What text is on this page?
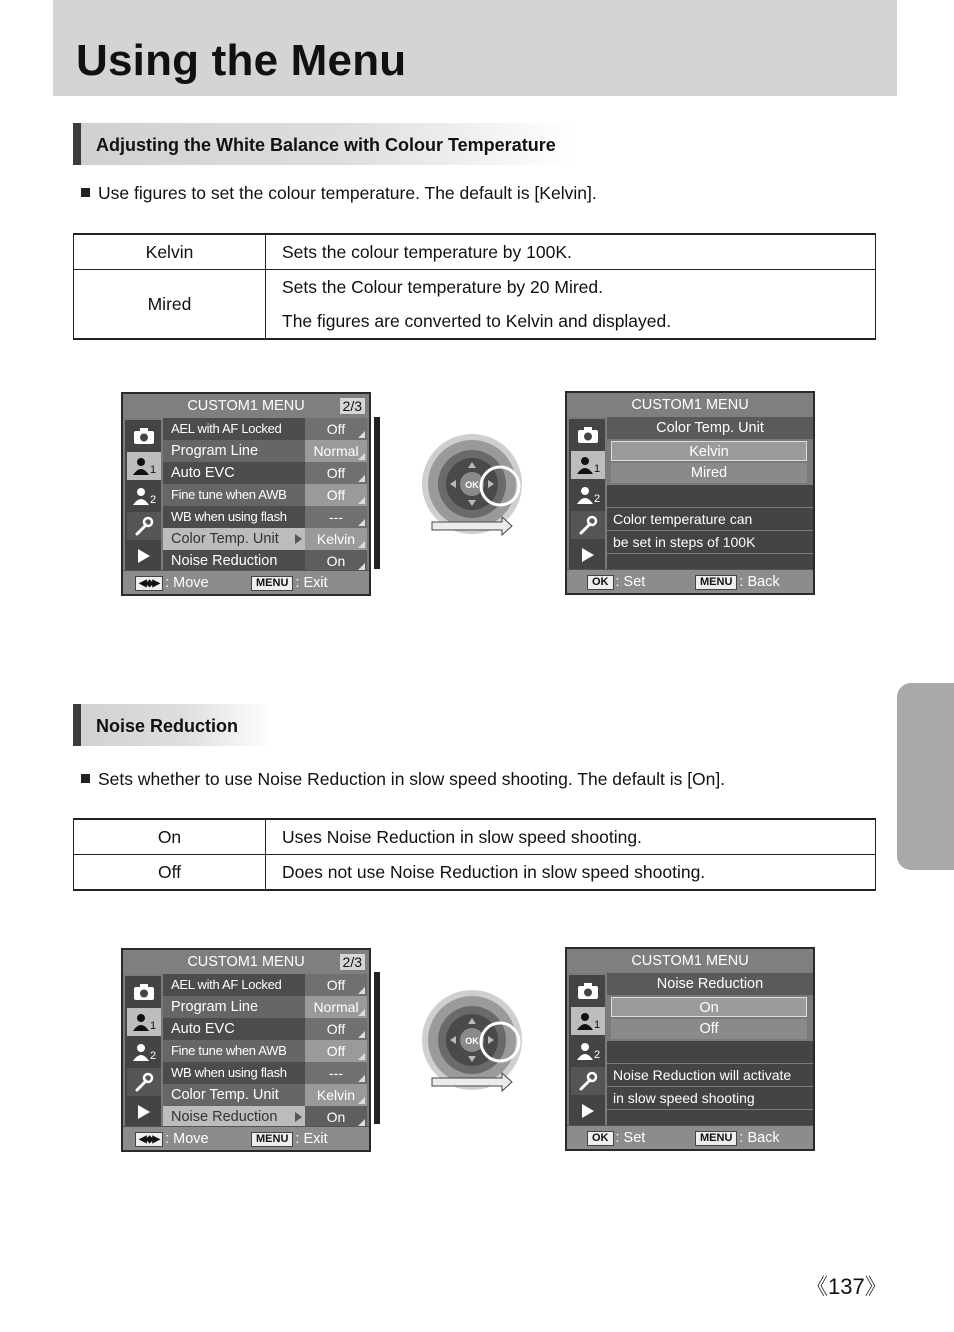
Using the Menu
Adjusting the White Balance with Colour Temperature
Use figures to set the colour temperature. The default is [Kelvin].
Kelvin	Sets the colour temperature by 100K.

Mired	Sets the Colour temperature by 20 Mired.
The figures are converted to Kelvin and displayed.
CUSTOM1 MENU	2/3
1
2
AEL with AF Locked	Off
Program Line	Normal
Auto EVC	Off
Fine tune when AWB	Off
WB when using flash	---
Color Temp. Unit	Kelvin
Noise Reduction	On
◀◆▶ : Move	MENU : Exit
OK
CUSTOM1 MENU
1
2
Color Temp. Unit
Kelvin
Mired
Color temperature can
be set in steps of 100K
OK : Set	MENU : Back
Noise Reduction
Sets whether to use Noise Reduction in slow speed shooting. The default is [On].
On	Uses Noise Reduction in slow speed shooting.

Off	Does not use Noise Reduction in slow speed shooting.
CUSTOM1 MENU	2/3
1
2
AEL with AF Locked	Off
Program Line	Normal
Auto EVC	Off
Fine tune when AWB	Off
WB when using flash	---
Color Temp. Unit	Kelvin
Noise Reduction	On
◀◆▶ : Move	MENU : Exit
OK
CUSTOM1 MENU
1
2
Noise Reduction
On
Off
Noise Reduction will activate
in slow speed shooting
OK : Set	MENU : Back
《137》
